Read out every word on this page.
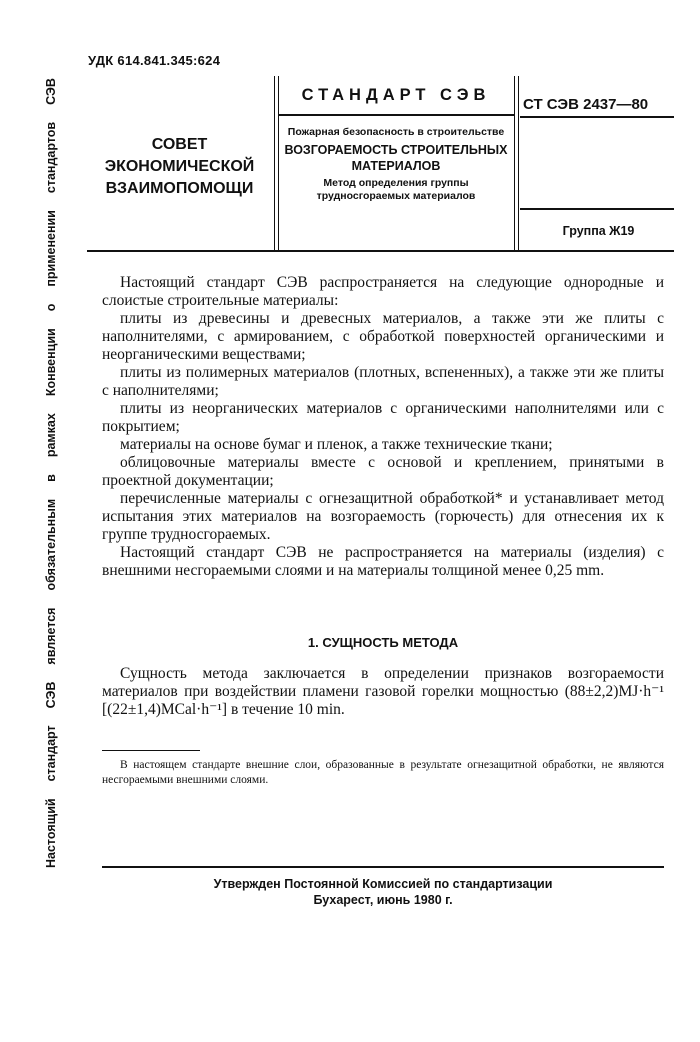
УДК 614.841.345:624
Настоящий
стандарт
СЭВ
является
обязательным
в
рамках
Конвенции
о
применении
стандартов
СЭВ
СОВЕТ
ЭКОНОМИЧЕСКОЙ
ВЗАИМОПОМОЩИ
СТАНДАРТ СЭВ
Пожарная безопасность в строительстве
ВОЗГОРАЕМОСТЬ СТРОИТЕЛЬНЫХ МАТЕРИАЛОВ
Метод определения группы трудносгораемых материалов
СТ СЭВ 2437—80
Группа Ж19

Настоящий стандарт СЭВ распространяется на следующие однородные и слоистые строительные материалы:

плиты из древесины и древесных материалов, а также эти же плиты с наполнителями, с армированием, с обработкой поверхностей органическими и неорганическими веществами;

плиты из полимерных материалов (плотных, вспененных), а также эти же плиты с наполнителями;

плиты из неорганических материалов с органическими наполнителями или с покрытием;

материалы на основе бумаг и пленок, а также технические ткани;

облицовочные материалы вместе с основой и креплением, принятыми в проектной документации;

перечисленные материалы с огнезащитной обработкой* и устанавливает метод испытания этих материалов на возгораемость (горючесть) для отнесения их к группе трудносгораемых.

Настоящий стандарт СЭВ не распространяется на материалы (изделия) с внешними несгораемыми слоями и на материалы толщиной менее 0,25 mm.

1. СУЩНОСТЬ МЕТОДА

Сущность метода заключается в определении признаков возгораемости материалов при воздействии пламени газовой горелки мощностью (88±2,2)MJ·h⁻¹ [(22±1,4)MCal·h⁻¹] в течение 10 min.

В настоящем стандарте внешние слои, образованные в результате огнезащитной обработки, не являются несгораемыми внешними слоями.

Утвержден Постоянной Комиссией по стандартизации
Бухарест, июнь 1980 г.
